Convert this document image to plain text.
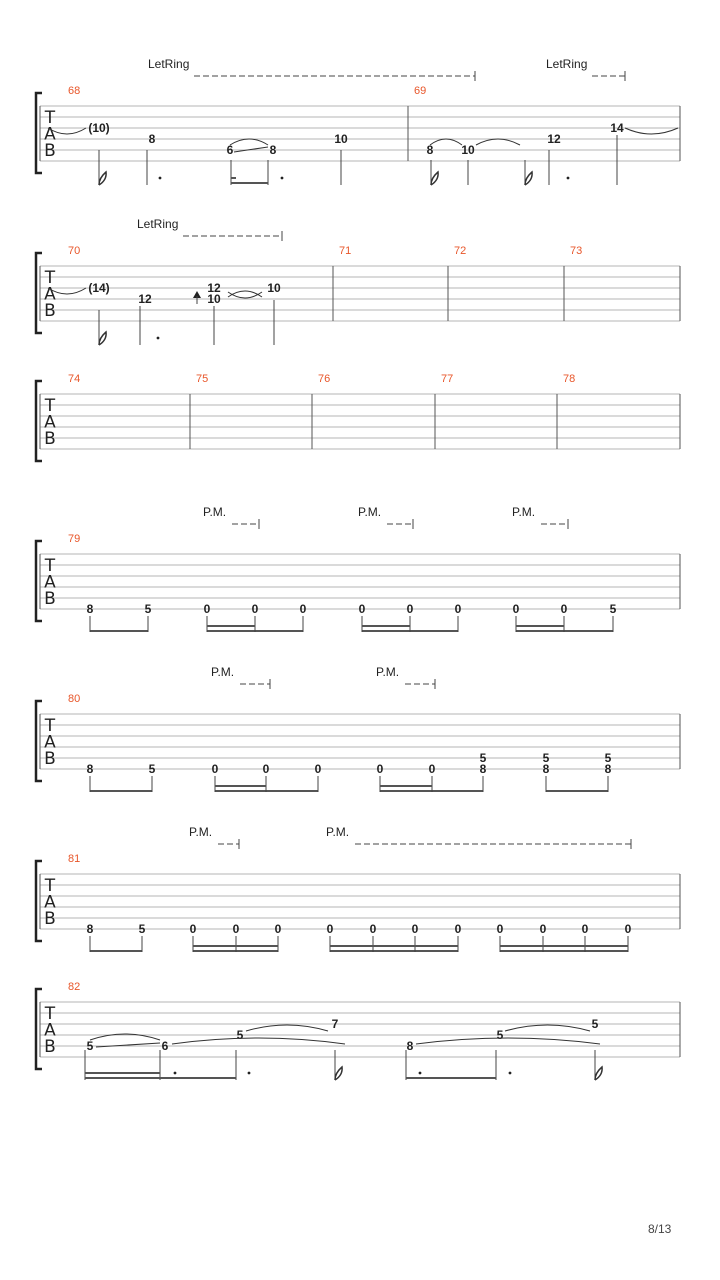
T
A
B
68	69
T
A
B
70	71	72	73
T
A
B
74	75	76	77	78
T
A
B
79
T
A
B
80
T
A
B
81
T
A
B
82
LetRing	LetRing
(10)
8
6	8
10
8 10
12
14
LetRing
(14)
12
12
10
10
P.M.	P.M.	P.M.
8	5	0	0	0	0	0	0	0	0	5
P.M.	P.M.
8	5	0	0	0	0	0
5
8
5
8
5
8
P.M.	P.M.
8	5	0	0	0	0	0	0	0	0	0	0	0
5	6
5
7
8
5
5
8/13
